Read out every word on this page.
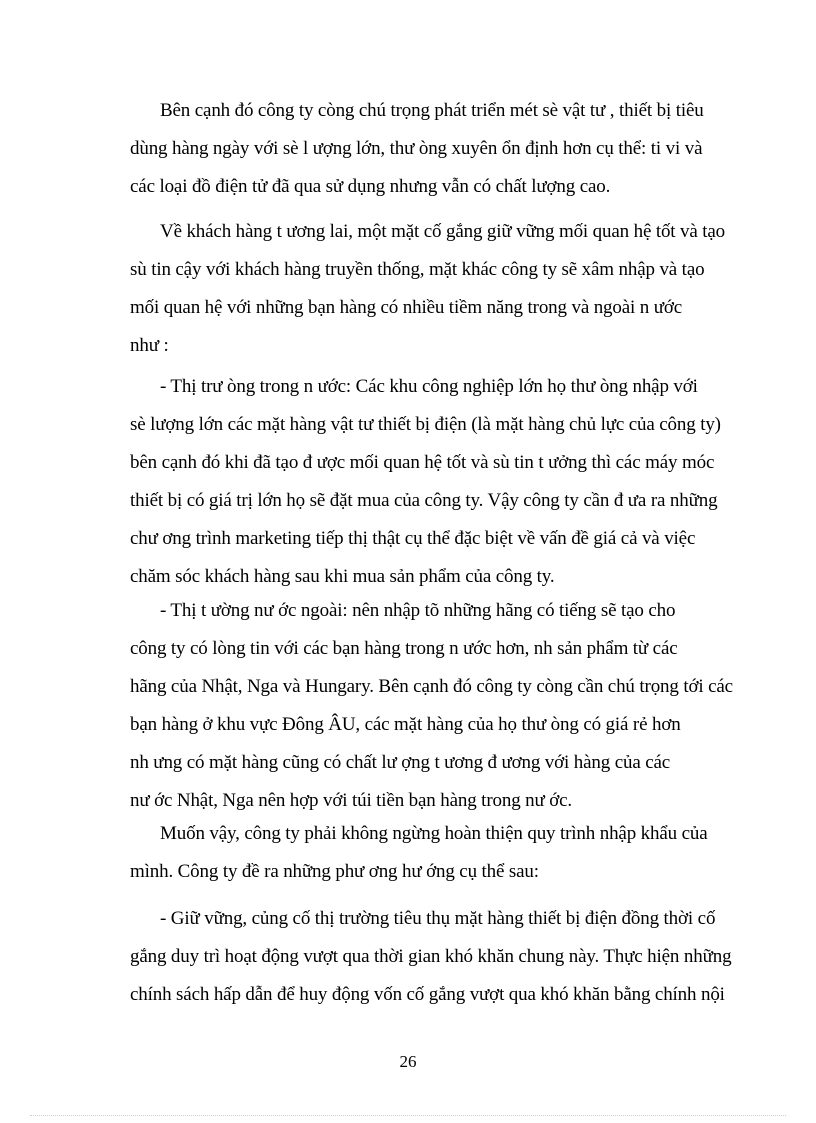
Bên cạnh đó công ty còng chú trọng phát triển mét sè vật tư , thiết bị tiêu
dùng hàng ngày với sè l ượng lớn, thư òng xuyên ổn định hơn cụ thể: ti vi và
các loại đồ điện tử đã qua sử dụng nhưng vẫn có chất lượng cao.
Về khách hàng t ương lai, một mặt cố gắng giữ vững mối quan hệ tốt và tạo
sù tin cậy với khách hàng truyền thống, mặt khác công ty sẽ xâm nhập và tạo
mối quan hệ với những bạn hàng có nhiều tiềm năng trong và ngoài n ước
như :
- Thị trư òng trong n ước: Các khu công nghiệp lớn họ thư òng nhập với
sè lượng lớn các mặt hàng vật tư thiết bị điện (là mặt hàng chủ lực của công ty)
bên cạnh đó khi đã tạo đ ược mối quan hệ tốt và sù tin t ưởng thì các máy móc
thiết bị có giá trị lớn họ sẽ đặt mua của công ty. Vậy công ty cần đ ưa ra những
chư ơng trình marketing tiếp thị thật cụ thể đặc biệt về vấn đề giá cả và việc
chăm sóc khách hàng sau khi mua sản phẩm của công ty.
- Thị t ường nư ớc ngoài: nên nhập tõ những hãng có tiếng sẽ tạo cho
công ty có lòng tin với các bạn hàng trong n ước hơn, nh sản phẩm từ các
hãng của Nhật, Nga và Hungary. Bên cạnh đó công ty còng cần chú trọng tới các
bạn hàng ở khu vực Đông ÂU, các mặt hàng của họ thư òng có giá rẻ hơn
nh ưng có mặt hàng cũng có chất lư ợng t ương đ ương với hàng của các
nư ớc Nhật, Nga nên hợp với túi tiền bạn hàng trong nư ớc.
Muốn vậy, công ty phải không ngừng hoàn thiện quy trình nhập khẩu của
mình. Công ty đề ra những phư ơng hư ớng cụ thể sau:
- Giữ vững, củng cố thị trường tiêu thụ mặt hàng thiết bị điện đồng thời cố
gắng duy trì hoạt động vượt qua thời gian khó khăn chung này. Thực hiện những
chính sách hấp dẫn để huy động vốn cố gắng vượt qua khó khăn bằng chính nội
26
